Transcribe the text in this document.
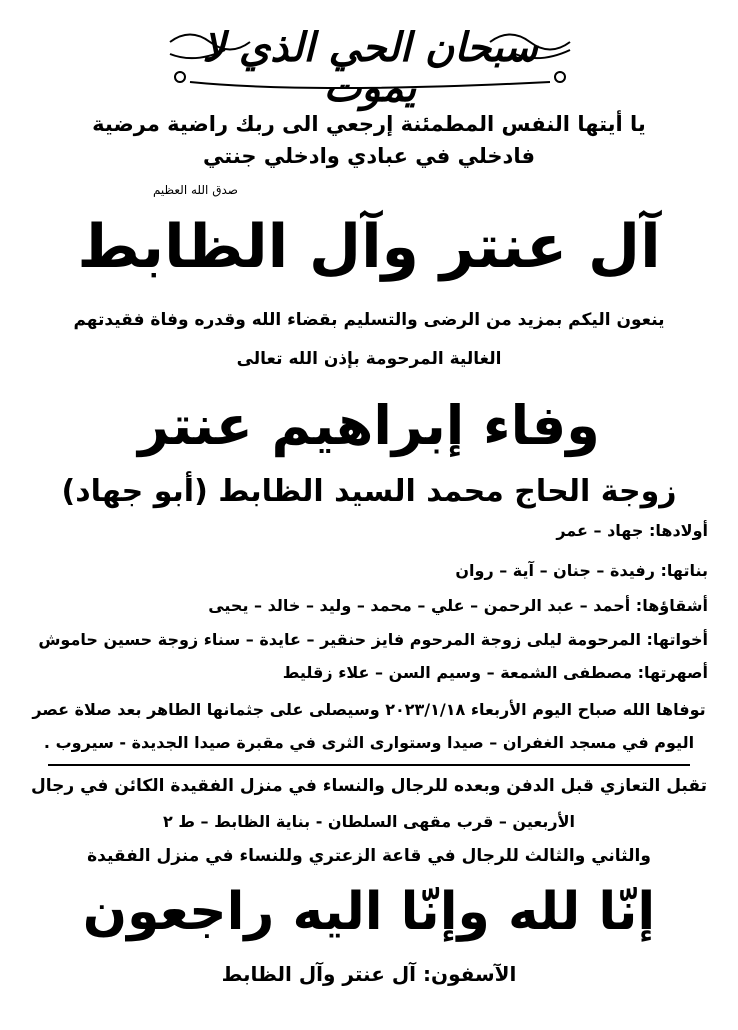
سبحان الحي الذي لا يموت
يا أيتها النفس المطمئنة إرجعي الى ربك راضية مرضية
فادخلي في عبادي وادخلي جنتي
صدق الله العظيم
آل عنتر وآل الظابط
ينعون اليكم بمزيد من الرضى والتسليم بقضاء الله وقدره وفاة فقيدتهم
الغالية المرحومة بإذن الله تعالى
وفاء إبراهيم عنتر
زوجة الحاج محمد السيد الظابط (أبو جهاد)
أولادها: جهاد – عمر
بناتها: رفيدة – جنان – آية – روان
أشقاؤها: أحمد – عبد الرحمن – علي – محمد – وليد – خالد – يحيى
أخواتها: المرحومة ليلى زوجة المرحوم فايز حنقير – عايدة – سناء زوجة حسين حاموش
أصهرتها: مصطفى الشمعة – وسيم السن – علاء زقليط
توفاها الله صباح اليوم الأربعاء ٢٠٢٣/١/١٨ وسيصلى على جثمانها الطاهر بعد صلاة عصر
اليوم في مسجد الغفران – صيدا وستوارى الثرى في مقبرة صيدا الجديدة - سيروب .
تقبل التعازي قبل الدفن وبعده للرجال والنساء في منزل الفقيدة الكائن في رجال
الأربعين – قرب مقهى السلطان - بناية الظابط – ط ٢
والثاني والثالث للرجال في قاعة الزعتري وللنساء في منزل الفقيدة
إنّا لله وإنّا اليه راجعون
الآسفون: آل عنتر وآل الظابط
